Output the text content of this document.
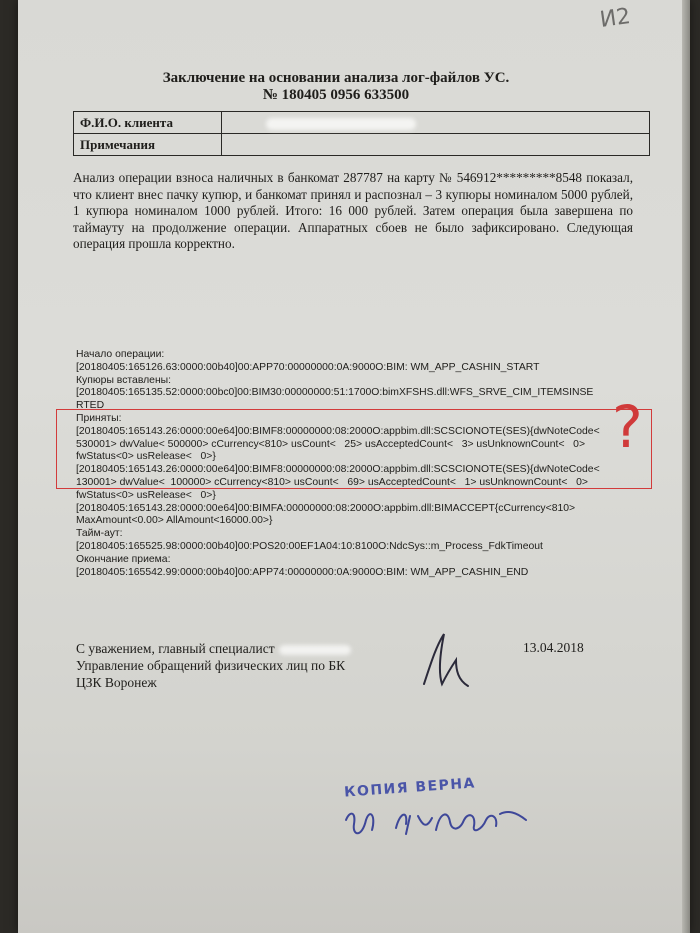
И2
Заключение на основании анализа лог-файлов УС.
№ 180405 0956 633500
Ф.И.О. клиента	
Примечания	
Анализ операции взноса наличных в банкомат 287787 на карту № 546912*********8548 показал, что клиент внес пачку купюр, и банкомат принял и распознал – 3 купюры номиналом 5000 рублей, 1 купюра номиналом 1000 рублей. Итого: 16 000 рублей. Затем операция была завершена по таймауту на продолжение операции. Аппаратных сбоев не было зафиксировано. Следующая операция прошла корректно.
Начало операции:
[20180405:165126.63:0000:00b40]00:APP70:00000000:0A:9000O:BIM: WM_APP_CASHIN_START
Купюры вставлены:
[20180405:165135.52:0000:00bc0]00:BIM30:00000000:51:1700O:bimXFSHS.dll:WFS_SRVE_CIM_ITEMSINSE
RTED
Приняты:
[20180405:165143.26:0000:00e64]00:BIMF8:00000000:08:2000O:appbim.dll:SCSCIONOTE(SES){dwNoteCode<
530001> dwValue< 500000> cCurrency<810> usCount<   25> usAcceptedCount<   3> usUnknownCount<   0>
fwStatus<0> usRelease<   0>}
[20180405:165143.26:0000:00e64]00:BIMF8:00000000:08:2000O:appbim.dll:SCSCIONOTE(SES){dwNoteCode<
130001> dwValue<  100000> cCurrency<810> usCount<   69> usAcceptedCount<   1> usUnknownCount<   0>
fwStatus<0> usRelease<   0>}
[20180405:165143.28:0000:00e64]00:BIMFA:00000000:08:2000O:appbim.dll:BIMACCEPT{cCurrency<810>
MaxAmount<0.00> AllAmount<16000.00>}
Тайм-аут:
[20180405:165525.98:0000:00b40]00:POS20:00EF1A04:10:8100O:NdcSys::m_Process_FdkTimeout
Окончание приема:
[20180405:165542.99:0000:00b40]00:APP74:00000000:0A:9000O:BIM: WM_APP_CASHIN_END
?
С уважением, главный специалист
Управление обращений физических лиц по БК
ЦЗК Воронеж
13.04.2018
КОПИЯ ВЕРНА
